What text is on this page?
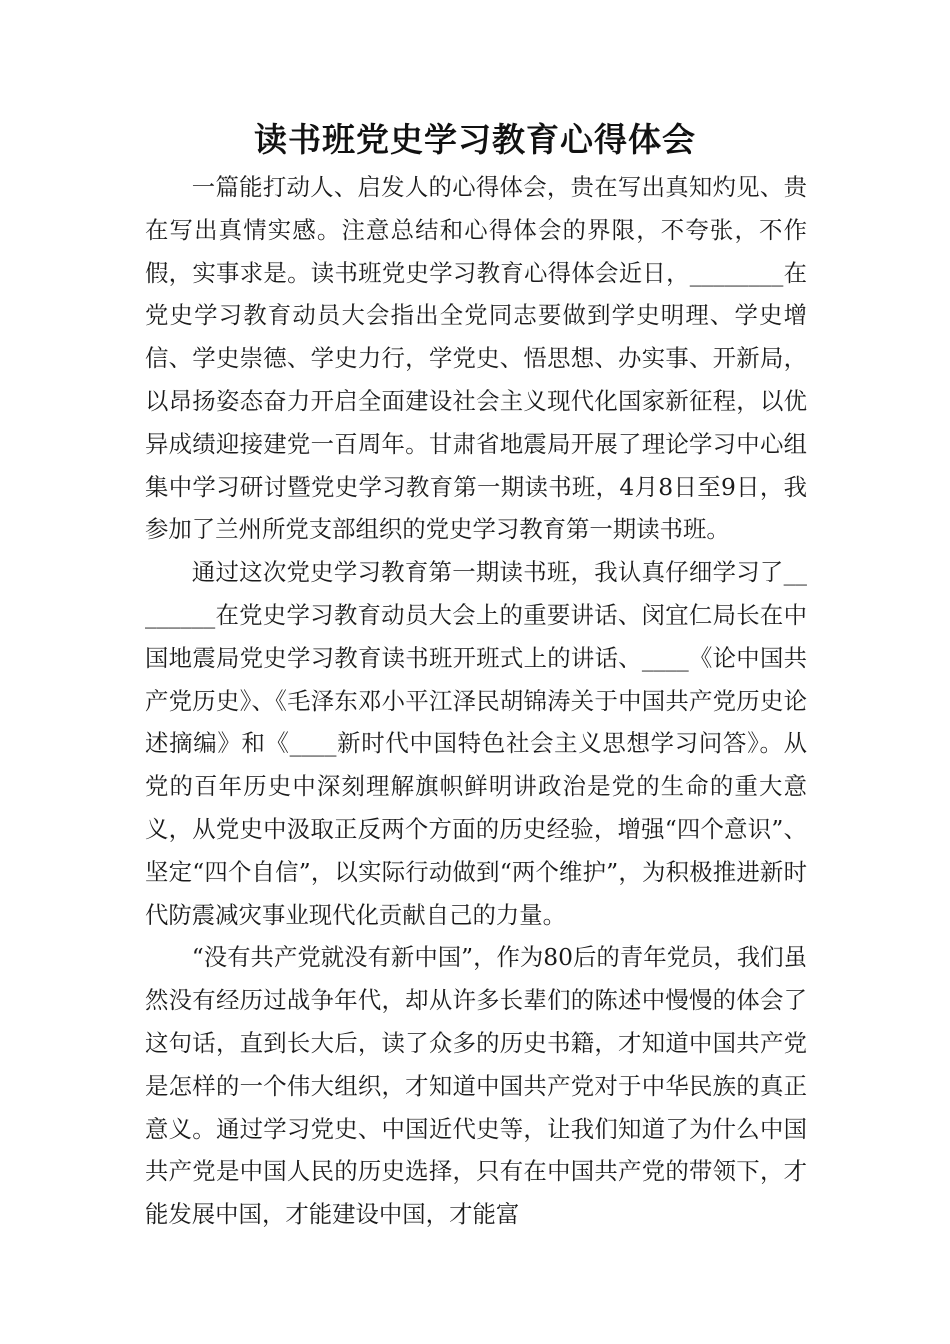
读书班党史学习教育心得体会

一篇能打动人、启发人的心得体会，贵在写出真知灼见、贵在写出真情实感。注意总结和心得体会的界限，不夸张，不作假，实事求是。读书班党史学习教育心得体会近日，________在党史学习教育动员大会指出全党同志要做到学史明理、学史增信、学史崇德、学史力行，学党史、悟思想、办实事、开新局，以昂扬姿态奋力开启全面建设社会主义现代化国家新征程，以优异成绩迎接建党一百周年。甘肃省地震局开展了理论学习中心组集中学习研讨暨党史学习教育第一期读书班，4月8日至9日，我参加了兰州所党支部组织的党史学习教育第一期读书班。

通过这次党史学习教育第一期读书班，我认真仔细学习了________在党史学习教育动员大会上的重要讲话、闵宜仁局长在中国地震局党史学习教育读书班开班式上的讲话、____《论中国共产党历史》、《毛泽东邓小平江泽民胡锦涛关于中国共产党历史论述摘编》和《____新时代中国特色社会主义思想学习问答》。从党的百年历史中深刻理解旗帜鲜明讲政治是党的生命的重大意义，从党史中汲取正反两个方面的历史经验，增强“四个意识”、坚定“四个自信”，以实际行动做到“两个维护”，为积极推进新时代防震减灾事业现代化贡献自己的力量。

“没有共产党就没有新中国”，作为80后的青年党员，我们虽然没有经历过战争年代，却从许多长辈们的陈述中慢慢的体会了这句话，直到长大后，读了众多的历史书籍，才知道中国共产党是怎样的一个伟大组织，才知道中国共产党对于中华民族的真正意义。通过学习党史、中国近代史等，让我们知道了为什么中国共产党是中国人民的历史选择，只有在中国共产党的带领下，才能发展中国，才能建设中国，才能富
